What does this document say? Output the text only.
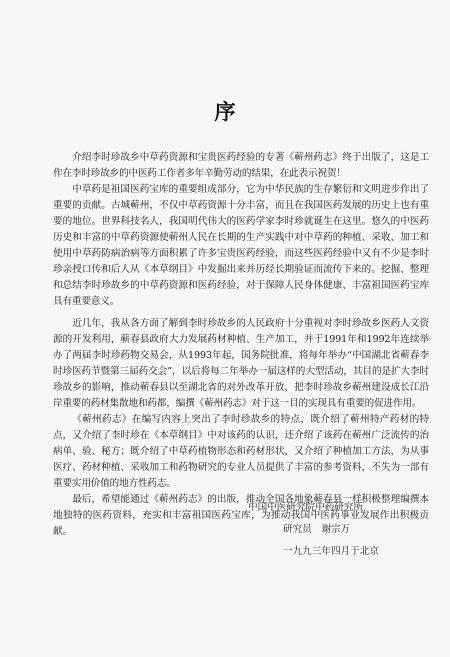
序

介绍李时珍故乡中草药资源和宝贵医药经验的专著《蕲州药志》终于出版了，这是工作在李时珍故乡的中医药工作者多年辛勤劳动的结果，在此表示祝贺！

中草药是祖国医药宝库的重要组成部分，它为中华民族的生存繁衍和文明进步作出了重要的贡献。古城蕲州，不仅中草药资源十分丰富，而且在我国医药发展的历史上也有重要的地位。世界科技名人，我国明代伟大的医药学家李时珍就诞生在这里。悠久的中医药历史和丰富的中草药资源使蕲州人民在长期的生产实践中对中草药的种植、采收、加工和使用中草药防病治病等方面积累了许多宝贵医药经验，而这些医药经验中又有不少是李时珍亲授口传和后人从《本草纲目》中发掘出来并历经长期验证而流传下来的。挖掘、整理和总结李时珍故乡的中草药资源和医药经验，对于保障人民身体健康、丰富祖国医药宝库具有重要意义。

近几年，我从各方面了解到李时珍故乡的人民政府十分重视对李时珍故乡医药人文资源的开发利用，蕲春县政府大力发展药材种植、生产加工，并于1991年和1992年连续举办了两届李时珍药物交易会，从1993年起，国务院批准，将每年举办“中国湖北省蕲春李时珍医药节暨第三届药交会”，以后将每二年举办一届这样的大型活动，其目的是扩大李时珍故乡的影响，推动蕲春县以至湖北省的对外改革开放，把李时珍故乡蕲州建设成长江沿岸重要的药材集散地和药都，编撰《蕲州药志》对于这一目的实现具有重要的促进作用。

《蕲州药志》在编写内容上突出了李时珍故乡的特点，既介绍了蕲州特产药材的特点，又介绍了李时珍在《本草纲目》中对该药的认识，还介绍了该药在蕲州广泛流传的治病单、验、秘方；既介绍了中草药植物形态和药材形状，又介绍了种植加工方法，为从事医疗、药材种植、采收加工和药物研究的专业人员提供了丰富的参考资料，不失为一部有重要实用价值的地方性药志。

最后，希望能通过《蕲州药志》的出版，推动全国各地象蕲春县一样积极整理编撰本地独特的医药资料，充实和丰富祖国医药宝库，为推动我国中医药事业发展作出积极贡献。

中国中医研究院中药研究所
研究员　谢宗万
一九九三年四月于北京
